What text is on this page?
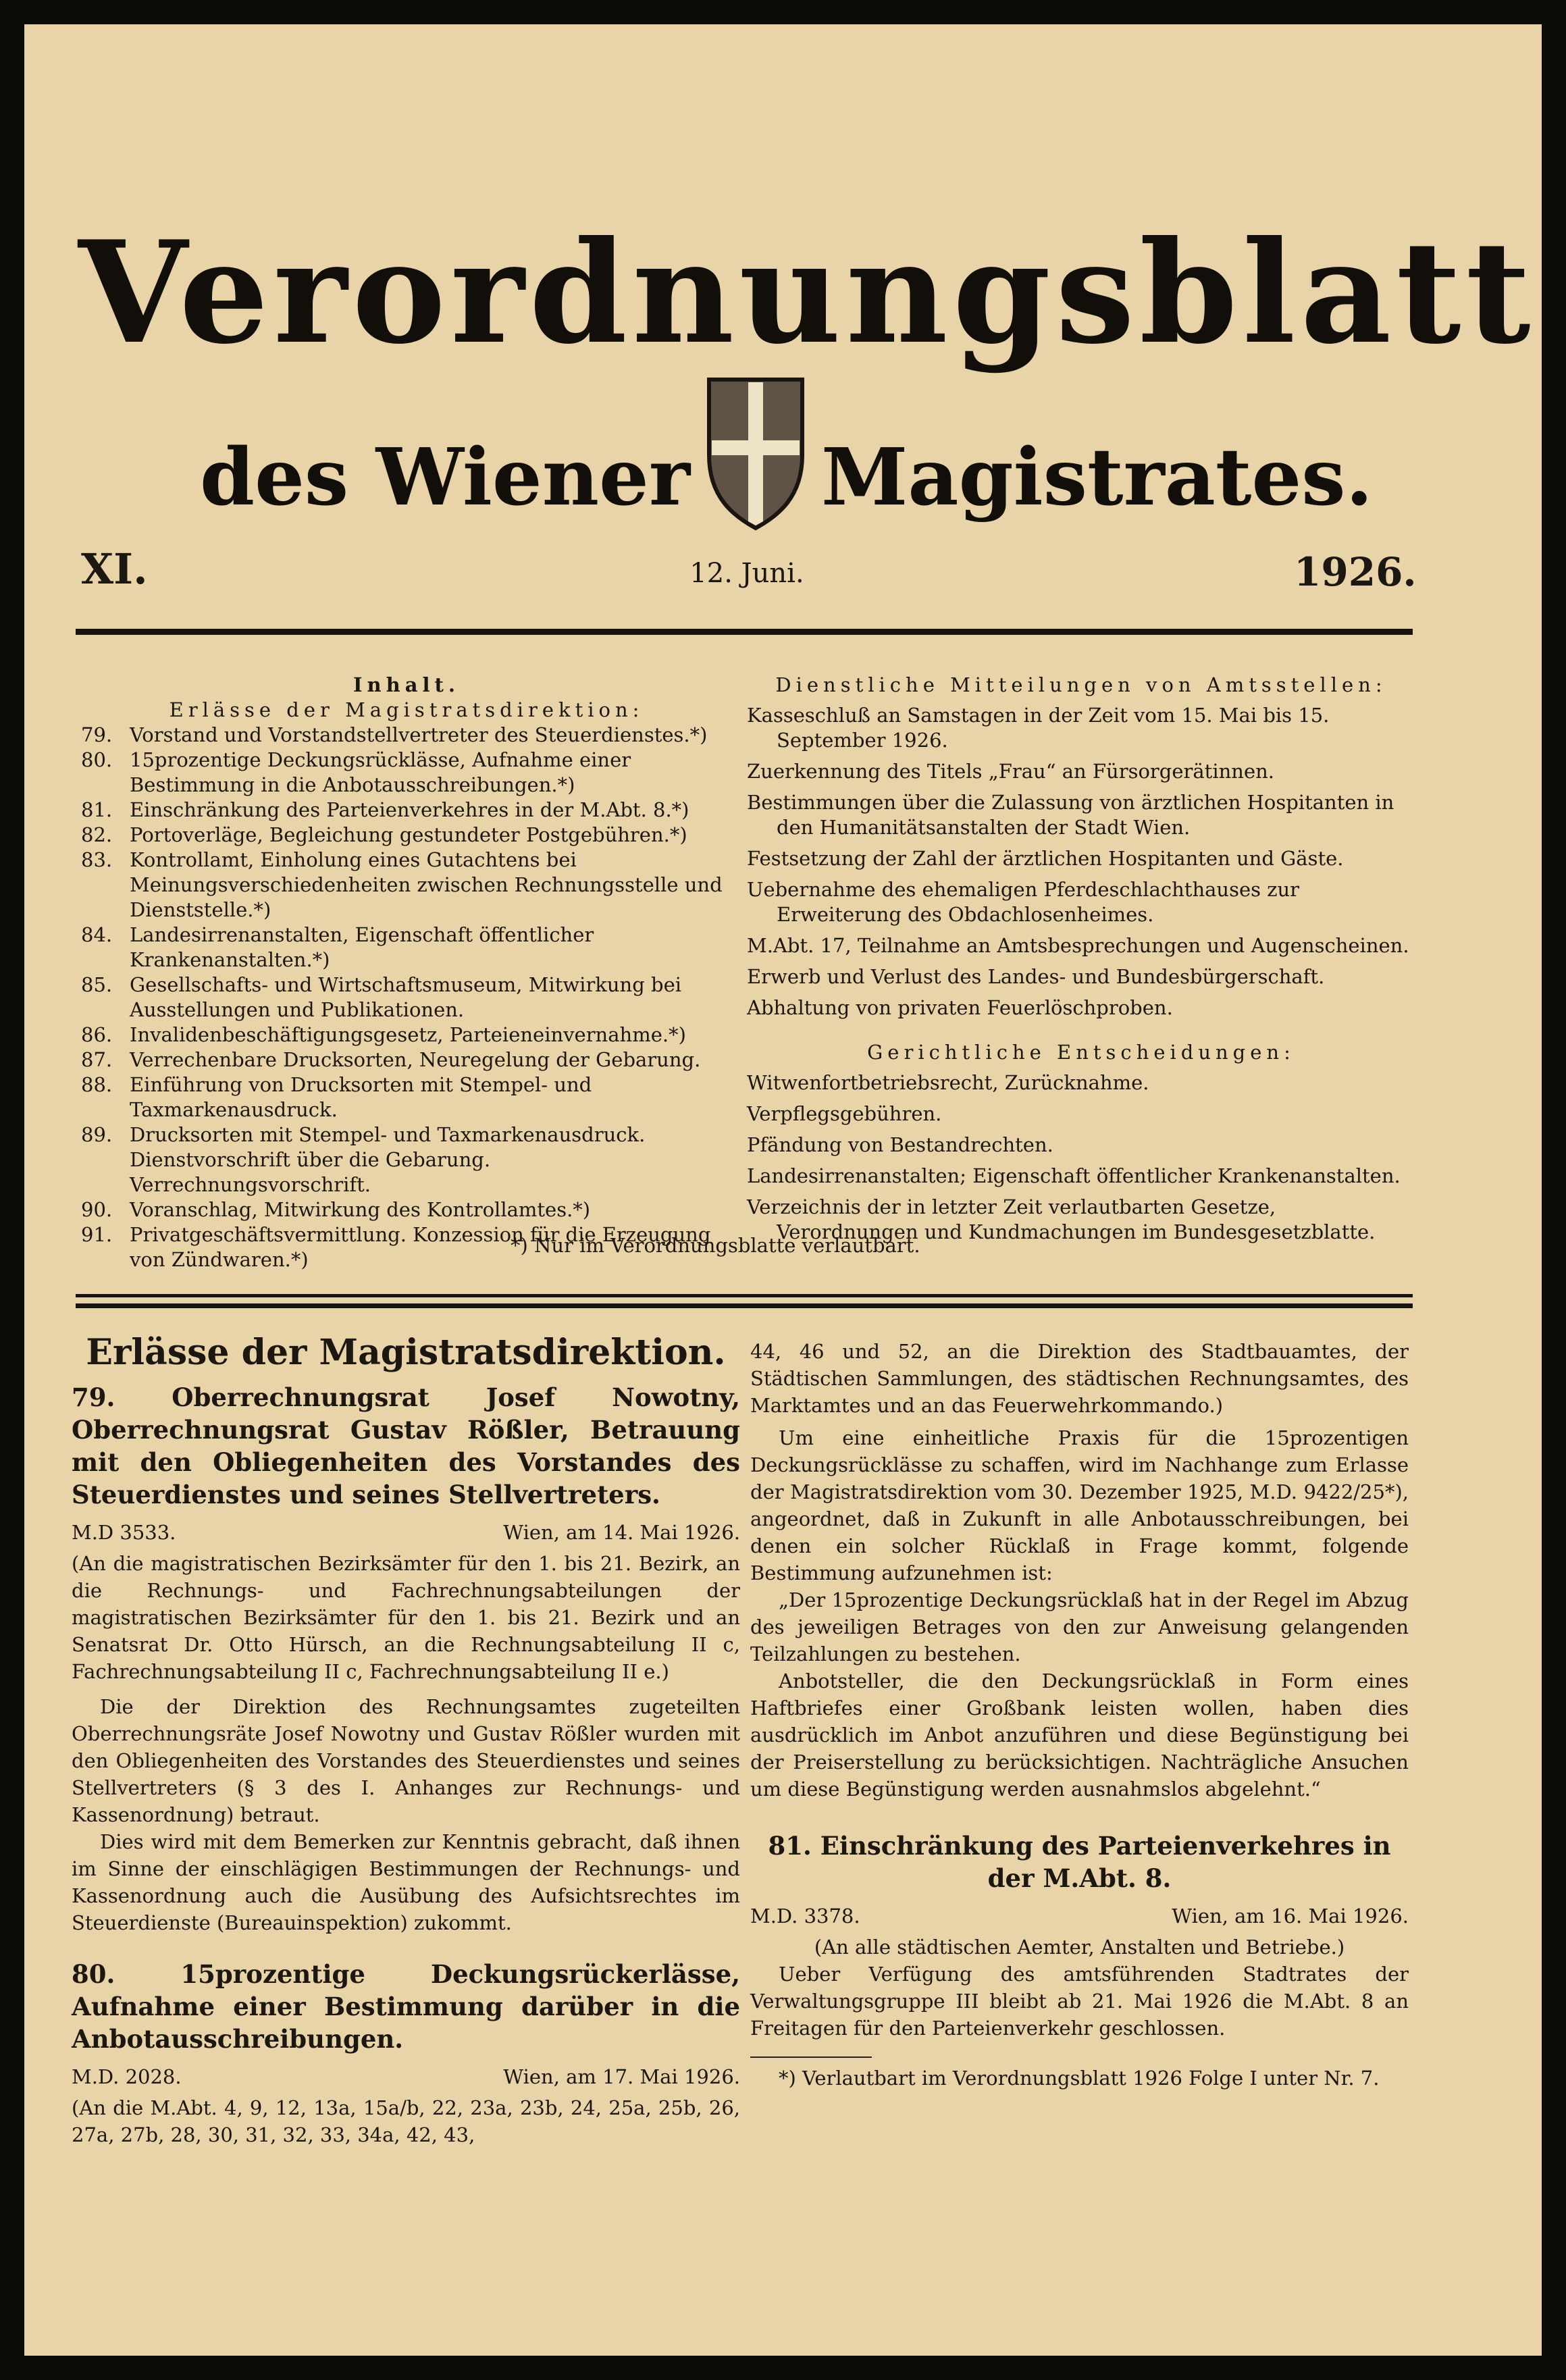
Verordnungsblatt
des Wiener Magistrates.
XI.	12. Juni.	1926.
Inhalt.
Erlässe der Magistratsdirektion:
79. Vorstand und Vorstandstellvertreter des Steuerdienstes.*)
80. 15prozentige Deckungsrücklässe, Aufnahme einer Bestimmung in die Anbotausschreibungen.*)
81. Einschränkung des Parteienverkehres in der M.Abt. 8.*)
82. Portoverläge, Begleichung gestundeter Postgebühren.*)
83. Kontrollamt, Einholung eines Gutachtens bei Meinungsverschiedenheiten zwischen Rechnungsstelle und Dienststelle.*)
84. Landesirrenanstalten, Eigenschaft öffentlicher Krankenanstalten.*)
85. Gesellschafts- und Wirtschaftsmuseum, Mitwirkung bei Ausstellungen und Publikationen.
86. Invalidenbeschäftigungsgesetz, Parteieneinvernahme.*)
87. Verrechenbare Drucksorten, Neuregelung der Gebarung.
88. Einführung von Drucksorten mit Stempel- und Taxmarkenausdruck.
89. Drucksorten mit Stempel- und Taxmarkenausdruck. Dienstvorschrift über die Gebarung. Verrechnungsvorschrift.
90. Voranschlag, Mitwirkung des Kontrollamtes.*)
91. Privatgeschäftsvermittlung. Konzession für die Erzeugung von Zündwaren.*)
Dienstliche Mitteilungen von Amtsstellen:

Kasseschluß an Samstagen in der Zeit vom 15. Mai bis 15. September 1926.

Zuerkennung des Titels „Frau“ an Fürsorgerätinnen.

Bestimmungen über die Zulassung von ärztlichen Hospitanten in den Humanitätsanstalten der Stadt Wien.

Festsetzung der Zahl der ärztlichen Hospitanten und Gäste.

Uebernahme des ehemaligen Pferdeschlachthauses zur Erweiterung des Obdachlosenheimes.

M.Abt. 17, Teilnahme an Amtsbesprechungen und Augenscheinen.

Erwerb und Verlust des Landes- und Bundesbürgerschaft.

Abhaltung von privaten Feuerlöschproben.

Gerichtliche Entscheidungen:

Witwenfortbetriebsrecht, Zurücknahme.

Verpflegsgebühren.

Pfändung von Bestandrechten.

Landesirrenanstalten; Eigenschaft öffentlicher Krankenanstalten.

Verzeichnis der in letzter Zeit verlautbarten Gesetze, Verordnungen und Kundmachungen im Bundesgesetzblatte.

*) Nur im Verordnungsblatte verlautbart.
Erlässe der Magistratsdirektion.
79. Oberrechnungsrat Josef Nowotny, Oberrechnungsrat Gustav Rößler, Betrauung mit den Obliegenheiten des Vorstandes des Steuerdienstes und seines Stellvertreters.
M.D 3533.	Wien, am 14. Mai 1926.

(An die magistratischen Bezirksämter für den 1. bis 21. Bezirk, an die Rechnungs- und Fachrechnungsabteilungen der magistratischen Bezirksämter für den 1. bis 21. Bezirk und an Senatsrat Dr. Otto Hürsch, an die Rechnungsabteilung II c, Fachrechnungsabteilung II c, Fachrechnungsabteilung II e.)

Die der Direktion des Rechnungsamtes zugeteilten Oberrechnungsräte Josef Nowotny und Gustav Rößler wurden mit den Obliegenheiten des Vorstandes des Steuerdienstes und seines Stellvertreters (§ 3 des I. Anhanges zur Rechnungs- und Kassenordnung) betraut.

Dies wird mit dem Bemerken zur Kenntnis gebracht, daß ihnen im Sinne der einschlägigen Bestimmungen der Rechnungs- und Kassenordnung auch die Ausübung des Aufsichtsrechtes im Steuerdienste (Bureauinspektion) zukommt.

80. 15prozentige Deckungsrückerlässe, Aufnahme einer Bestimmung darüber in die Anbotausschreibungen.
M.D. 2028.	Wien, am 17. Mai 1926.

(An die M.Abt. 4, 9, 12, 13a, 15a/b, 22, 23a, 23b, 24, 25a, 25b, 26, 27a, 27b, 28, 30, 31, 32, 33, 34a, 42, 43,

44, 46 und 52, an die Direktion des Stadtbauamtes, der Städtischen Sammlungen, des städtischen Rechnungsamtes, des Marktamtes und an das Feuerwehrkommando.)

Um eine einheitliche Praxis für die 15prozentigen Deckungsrücklässe zu schaffen, wird im Nachhange zum Erlasse der Magistratsdirektion vom 30. Dezember 1925, M.D. 9422/25*), angeordnet, daß in Zukunft in alle Anbotausschreibungen, bei denen ein solcher Rücklaß in Frage kommt, folgende Bestimmung aufzunehmen ist:

„Der 15prozentige Deckungsrücklaß hat in der Regel im Abzug des jeweiligen Betrages von den zur Anweisung gelangenden Teilzahlungen zu bestehen.

Anbotsteller, die den Deckungsrücklaß in Form eines Haftbriefes einer Großbank leisten wollen, haben dies ausdrücklich im Anbot anzuführen und diese Begünstigung bei der Preiserstellung zu berücksichtigen. Nachträgliche Ansuchen um diese Begünstigung werden ausnahmslos abgelehnt.“

81. Einschränkung des Parteienverkehres in der M.Abt. 8.
M.D. 3378.	Wien, am 16. Mai 1926.

(An alle städtischen Aemter, Anstalten und Betriebe.)

Ueber Verfügung des amtsführenden Stadtrates der Verwaltungsgruppe III bleibt ab 21. Mai 1926 die M.Abt. 8 an Freitagen für den Parteienverkehr geschlossen.

*) Verlautbart im Verordnungsblatt 1926 Folge I unter Nr. 7.
